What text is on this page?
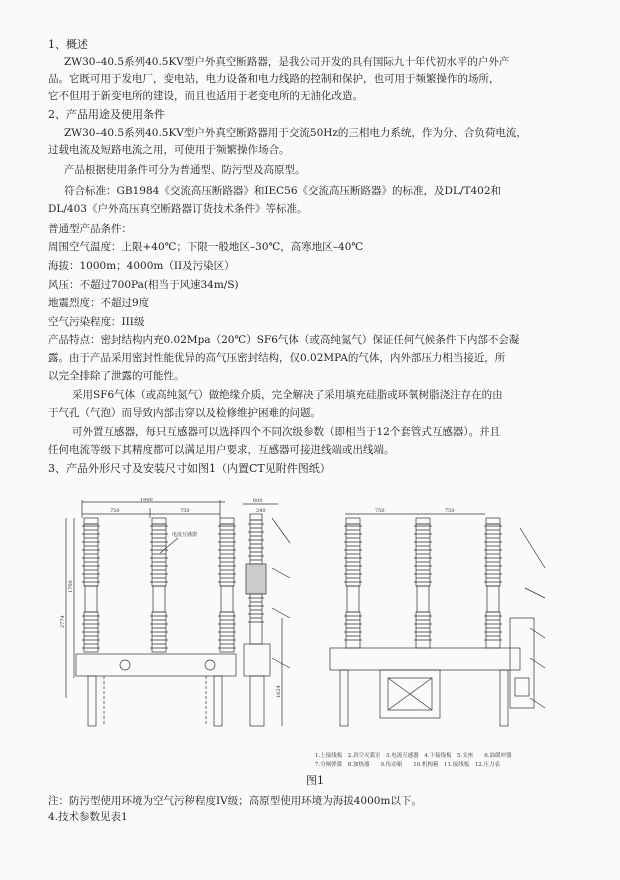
1、概述
ZW30–40.5系列40.5KV型户外真空断路器，是我公司开发的具有国际九十年代初水平的户外产
品。它既可用于发电厂，变电站，电力设备和电力线路的控制和保护，也可用于频繁操作的场所，
它不但用于新变电所的建设，而且也适用于老变电所的无油化改造。
2、产品用途及使用条件
ZW30–40.5系列40.5KV型户外真空断路器用于交流50Hz的三相电力系统，作为分、合负荷电流，
过载电流及短路电流之用，可使用于频繁操作场合。
产品根据使用条件可分为普通型、防污型及高原型。
符合标准：GB1984《交流高压断路器》和IEC56《交流高压断路器》的标准，及DL/T402和
DL/403《户外高压真空断路器订货技术条件》等标准。
普通型产品条件：
周围空气温度：上限+40℃；下限一般地区–30℃，高寒地区–40℃
海拔：1000m；4000m（II及污染区）
风压：不超过700Pa(相当于风速34m/S)
地震烈度：不超过9度
空气污染程度：III级
产品特点：密封结构内充0.02Mpa（20℃）SF6气体（或高纯氮气）保证任何气候条件下内部不会凝
露。由于产品采用密封性能优异的高气压密封结构，仅0.02MPA的气体，内外部压力相当接近，所
以完全排除了泄露的可能性。
采用SF6气体（或高纯氮气）做绝缘介质，完全解决了采用填充硅脂或环氧树脂浇注存在的由
于气孔（气泡）而导致内部击穿以及检修维护困难的问题。
可外置互感器，每只互感器可以选择四个不同次级参数（即相当于12个套管式互感器）。并且
任何电流等级下其精度都可以满足用户要求，互感器可接进线端或出线端。
3、产品外形尺寸及安装尺寸如图1（内置CT见附件图纸）
1900
750	750
1700
2774
电流互感器
600
240
1624
750	750
1.上接线板　2.真空灭弧室　3.电流互感器　4.下接线板　5.支座　　6.油缓冲器
7.分闸弹簧　8.加热器　　9.传动箱　　10.机构箱　11.接线板　12.压力表
图1
注：防污型使用环境为空气污秽程度IV级；高原型使用环境为海拔4000m以下。
4.技术参数见表1
